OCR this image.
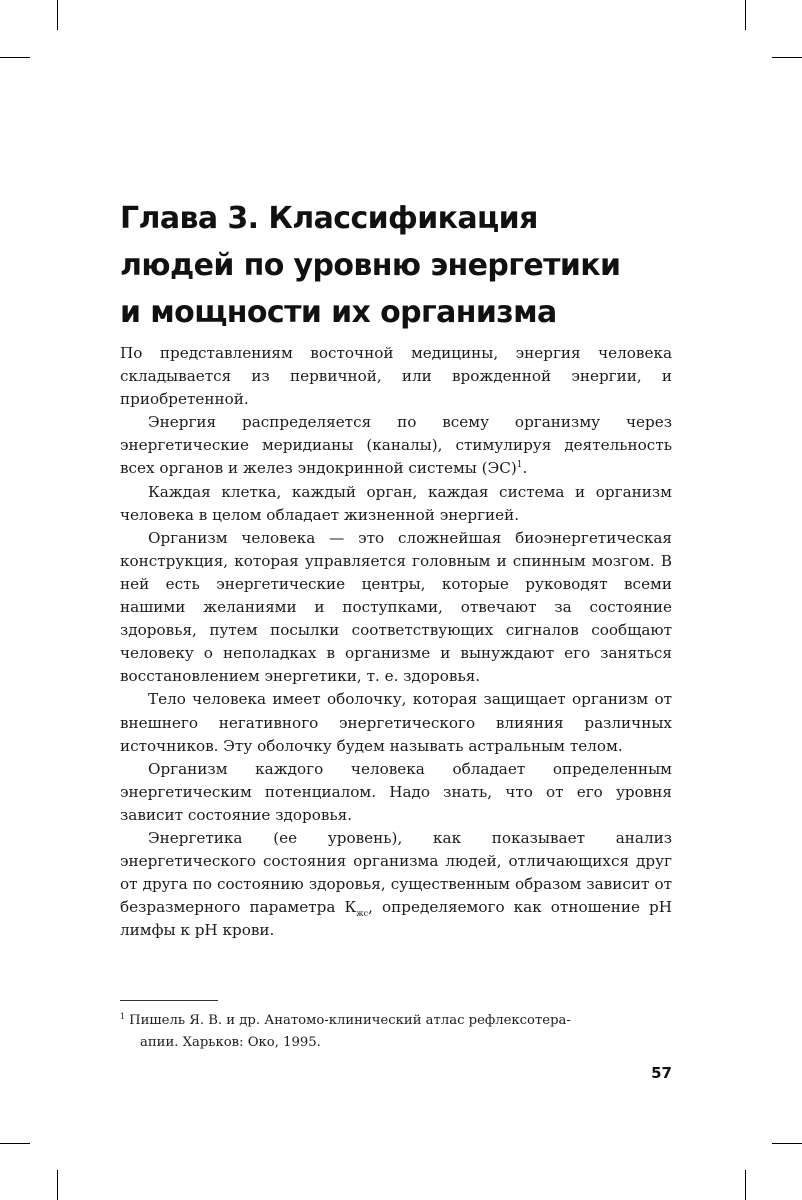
Глава 3. Классификация
людей по уровню энергетики
и мощности их организма

По представлениям восточной медицины, энергия человека складывается из первичной, или врожденной энергии, и приобретенной.

Энергия распределяется по всему организму через энергетические меридианы (каналы), стимулируя деятельность всех органов и желез эндокринной системы (ЭС)$^1$.

Каждая клетка, каждый орган, каждая система и организм человека в целом обладает жизненной энергией.

Организм человека — это сложнейшая биоэнергетическая конструкция, которая управляется головным и спинным мозгом. В ней есть энергетические центры, которые руководят всеми нашими желаниями и поступками, отвечают за состояние здоровья, путем посылки соответствующих сигналов сообщают человеку о неполадках в организме и вынуждают его заняться восстановлением энергетики, т. е. здоровья.

Тело человека имеет оболочку, которая защищает организм от внешнего негативного энергетического влияния различных источников. Эту оболочку будем называть астральным телом.

Организм каждого человека обладает определенным энергетическим потенциалом. Надо знать, что от его уровня зависит состояние здоровья.

Энергетика (ее уровень), как показывает анализ энергетического состояния организма людей, отличающихся друг от друга по состоянию здоровья, существенным образом зависит от безразмерного параметра $К_{жс}$, определяемого как отношение pH лимфы к pH крови.

$^1$ Пишель Я. В. и др. Анатомо-клинический атлас рефлексотера-
апии. Харьков: Око, 1995.
57
